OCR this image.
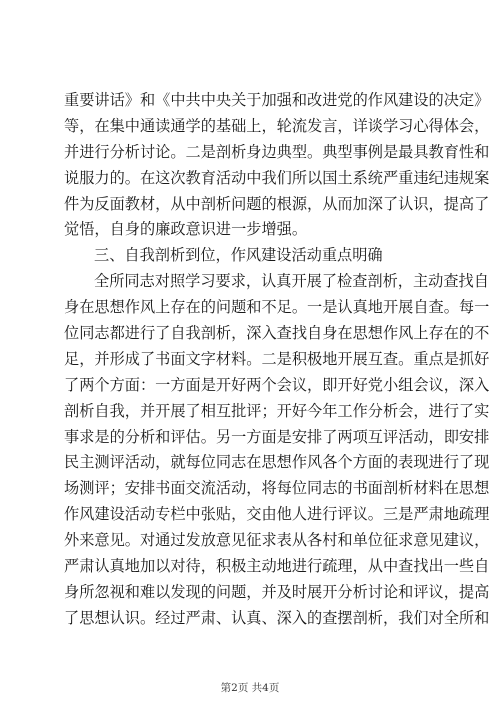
重要讲话》和《中共中央关于加强和改进党的作风建设的决定》
等，在集中通读通学的基础上，轮流发言，详谈学习心得体会，
并进行分析讨论。二是剖析身边典型。典型事例是最具教育性和
说服力的。在这次教育活动中我们所以国土系统严重违纪违规案
件为反面教材，从中剖析问题的根源，从而加深了认识，提高了
觉悟，自身的廉政意识进一步增强。
三、自我剖析到位，作风建设活动重点明确
全所同志对照学习要求，认真开展了检查剖析，主动查找自
身在思想作风上存在的问题和不足。一是认真地开展自查。每一
位同志都进行了自我剖析，深入查找自身在思想作风上存在的不
足，并形成了书面文字材料。二是积极地开展互查。重点是抓好
了两个方面：一方面是开好两个会议，即开好党小组会议，深入
剖析自我，并开展了相互批评；开好今年工作分析会，进行了实
事求是的分析和评估。另一方面是安排了两项互评活动，即安排
民主测评活动，就每位同志在思想作风各个方面的表现进行了现
场测评；安排书面交流活动，将每位同志的书面剖析材料在思想
作风建设活动专栏中张贴，交由他人进行评议。三是严肃地疏理
外来意见。对通过发放意见征求表从各村和单位征求意见建议，
严肃认真地加以对待，积极主动地进行疏理，从中查找出一些自
身所忽视和难以发现的问题，并及时展开分析讨论和评议，提高
了思想认识。经过严肃、认真、深入的查摆剖析，我们对全所和
第2页 共4页
